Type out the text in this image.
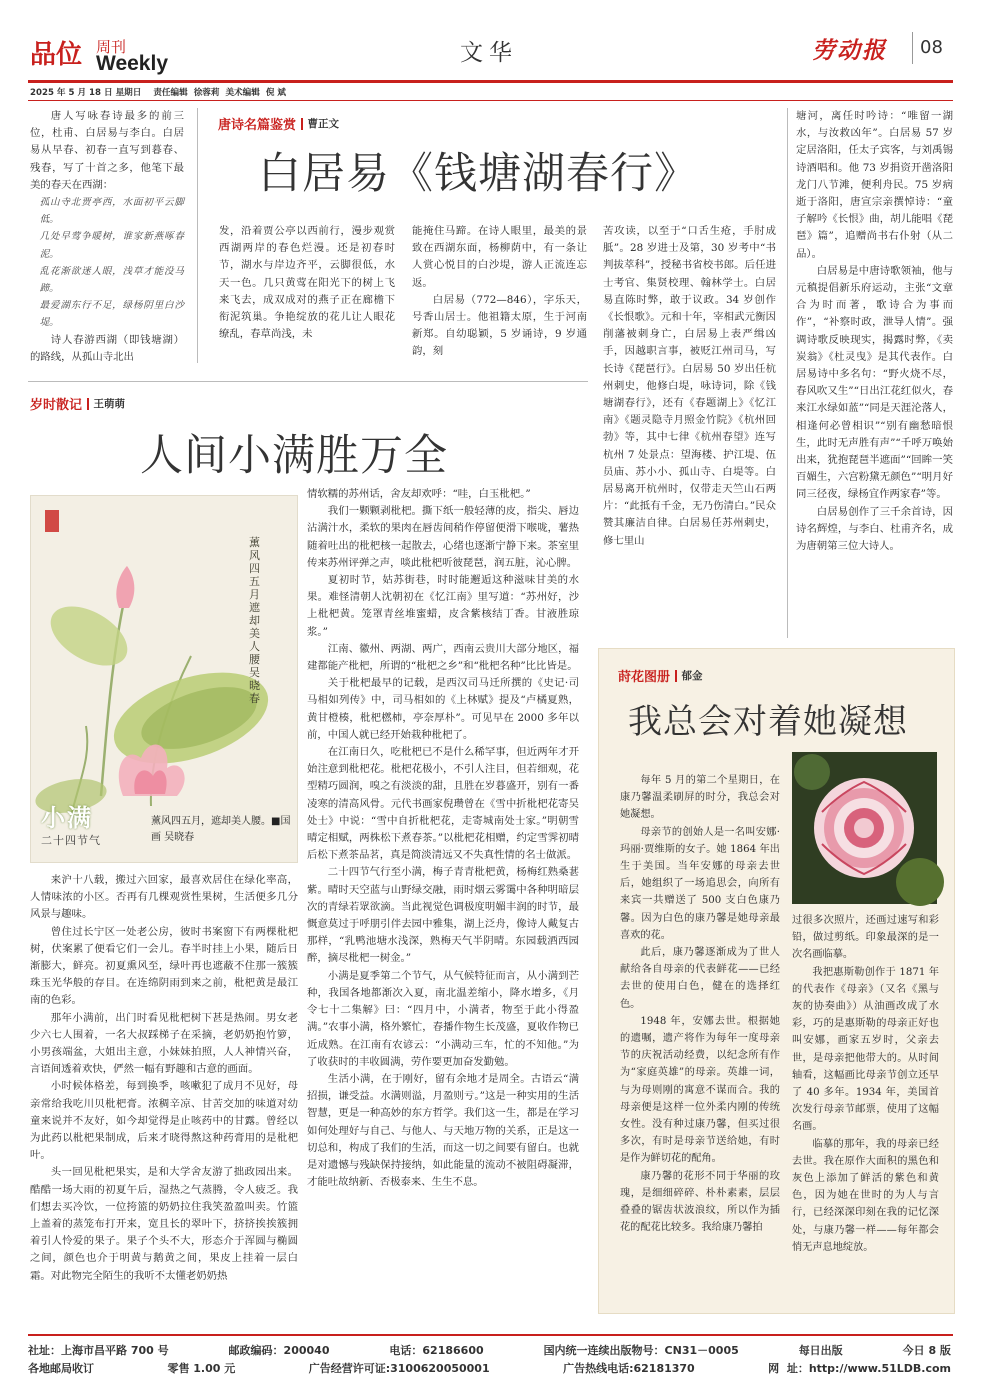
品位 周刊
Weekly	文华	劳动报 08
2025 年 5 月 18 日 星期日    责任编辑  徐蓉莉  美术编辑  倪 斌

唐人写咏春诗最多的前三位，杜甫、白居易与李白。白居易从早春、初春一直写到暮春、残春，写了十首之多，他笔下最美的春天在西湖：

孤山寺北贾亭西，水面初平云脚低。
几处早莺争暖树，谁家新燕啄春泥。
乱花渐欲迷人眼，浅草才能没马蹄。
最爱湖东行不足，绿杨阴里白沙堤。

诗人春游西湖（即钱塘湖）的路线，从孤山寺北出

唐诗名篇鉴赏 曹正文
白居易《钱塘湖春行》

发，沿着贾公亭以西前行，漫步观赏西湖两岸的春色烂漫。还是初春时节，湖水与岸边齐平，云脚很低，水天一色。几只黄莺在阳光下的树上飞来飞去，成双成对的燕子正在廊檐下衔泥筑巢。争艳绽放的花儿让人眼花缭乱，春草尚浅，未

能掩住马蹄。在诗人眼里，最美的景致在西湖东面，杨柳荫中，有一条让人赏心悦目的白沙堤，游人正流连忘返。

白居易（772—846），字乐天，号香山居士。他祖籍太原，生于河南新郑。自幼聪颖，5 岁诵诗，9 岁通韵，刻

苦攻读，以至于“口舌生疮，手肘成胝”。28 岁进士及第，30 岁考中“书判拔萃科”，授秘书省校书郎。后任进士考官、集贤校理、翰林学士。白居易直陈时弊，敢于议政。34 岁创作《长恨歌》。元和十年，宰相武元衡因削藩被刺身亡，白居易上表严缉凶手，因越职言事，被贬江州司马，写长诗《琵琶行》。白居易 50 岁出任杭州刺史，他修白堤，咏诗词，除《钱塘湖春行》，还有《春题湖上》《忆江南》《题灵隐寺月照金竹院》《杭州回勃》等，其中七律《杭州春望》连写杭州 7 处景点：望海楼、护江堤、伍员庙、苏小小、孤山寺、白堤等。白居易离开杭州时，仅带走天竺山石两片：“此抵有千金，无乃伤清白。”民众赞其廉洁自律。白居易任苏州刺史，修七里山

塘河，离任时吟诗：“唯留一湖水，与汝救凶年”。白居易 57 岁定居洛阳，任太子宾客，与刘禹锡诗酒唱和。他 73 岁捐资开凿洛阳龙门八节滩，便利舟民。75 岁病逝于洛阳，唐宣宗亲撰悼诗：“童子解吟《长恨》曲，胡儿能唱《琵琶》篇”，追赠尚书右仆射（从二品）。

白居易是中唐诗歌领袖，他与元稹提倡新乐府运动，主张“文章合为时而著，歌诗合为事而作”，“补察时政，泄导人情”。强调诗歌反映现实，揭露时弊，《卖炭翁》《杜灵曳》是其代表作。白居易诗中多名句：“野火烧不尽，春风吹又生”“日出江花红似火，春来江水绿如蓝”“同是天涯沦落人，相逢何必曾相识”“别有幽愁暗恨生，此时无声胜有声”“千呼万唤始出来，犹抱琵琶半遮面”“回眸一笑百媚生，六宫粉黛无颜色”“明月好同三径夜，绿杨宜作两家春”等。

白居易创作了三千余首诗，因诗名辉煌，与李白、杜甫齐名，成为唐朝第三位大诗人。

岁时散记 王萌萌
人间小满胜万全
薰风四五月遮却美人腰吴晓春
小满
二十四节气
薰风四五月，遮却美人腰。■国画 吴晓春

来沪十八载，搬过六回家，最喜欢居住在绿化率高，人情味浓的小区。否再有几棵观赏性果树，生活便多几分风景与趣味。

曾住过长宁区一处老公房，彼时书案窗下有两棵枇杷树，伏案累了便看它们一会儿。春半时挂上小果，随后日渐膨大，鲜亮。初夏熏风至，绿叶再也遮蔽不住那一簇簇珠玉光华般的存目。在连绵阴雨到来之前，枇杷黄是最江南的色彩。

那年小满前，出门时看见枇杷树下甚是热闹。男女老少六七人围着，一名大叔踩梯子在采摘，老奶奶抱竹箩，小男孩端盆，大姐出主意，小妹妹拍照，人人神情兴奋，言语间透着欢快，俨然一幅有野趣和古意的画面。

小时候体格差，每到换季，咳嗽犯了成月不见好，母亲常给我吃川贝枇杷膏。浓稠辛凉、甘苦交加的味道对幼童来说并不友好，如今却觉得是止咳药中的甘露。曾经以为此药以枇杷果制成，后来才晓得熬这种药膏用的是枇杷叶。

头一回见枇杷果实，是和大学舍友游了拙政园出来。酷酷一场大雨的初夏午后，湿热之气蒸腾，令人疲乏。我们想去买冷饮，一位挎篮的奶奶拉住我笑盈盈叫卖。竹篮上盖着的蒸笼布打开来，宽且长的翠叶下，挤挤挨挨簇拥着引人怜爱的果子。果子个头不大，形态介于浑圆与椭圆之间，颜色也介于明黄与鹅黄之间，果皮上挂着一层白霜。对此物完全陌生的我听不太懂老奶奶热

情软糯的苏州话，舍友却欢呼：“哇，白玉枇杷。”

我们一颗颗剥枇杷。撕下纸一般轻薄的皮，指尖、唇边沾满汁水，柔软的果肉在唇齿间稍作停留便滑下喉咙，薯热随着吐出的枇杷核一起散去，心绪也逐渐宁静下来。茶室里传来苏州评弹之声，啖此枇杷听彼琵琶，润五脏，沁心脾。

夏初时节，姑苏街巷，时时能邂逅这种滋味甘美的水果。难怪清朝人沈朝初在《忆江南》里写道：“苏州好，沙上枇杷黄。笼罩青丝堆蜜蜡，皮含紫核结丁香。甘液胜琼浆。”

江南、徽州、两湖、两广，西南云贵川大部分地区，福建都能产枇杷，所谓的“枇杷之乡”和“枇杷名种”比比皆是。

关于枇杷最早的记载，是西汉司马迁所撰的《史记·司马相如列传》中，司马相如的《上林赋》提及“卢橘夏熟，黄甘橙楱，枇杷橪柿，亭奈厚朴”。可见早在 2000 多年以前，中国人就已经开始栽种枇杷了。

在江南日久，吃枇杷已不是什么稀罕事，但近两年才开始注意到枇杷花。枇杷花极小，不引人注目，但若细观，花型精巧圆润，嗅之有淡淡的甜，且胜在岁暮盛开，别有一番凌寒的清高风骨。元代书画家倪瓒曾在《雪中折枇杷花寄吴处士》中说：“雪中自折枇杷花，走寄城南处士家。”明朝雪晴定相赋，两株松下煮春茶。”以枇杷花相赠，约定雪霁初晴后松下煮茶品茗，真是简淡清远又不失真性情的名士做派。

二十四节气行至小满，梅子青青枇杷黄，杨梅红熟桑葚紫。晴时天空蓝与山野绿交融，雨时烟云雾霭中各种明暗层次的青绿若眾欲滴。当此视觉色调极度明媚丰润的时节，最慨意莫过于呼朋引伴去园中雅集，湖上泛舟，像诗人戴复古那样，“乳鸭池塘水浅深，熟梅天气半阴晴。东园载酒西园醉，摘尽枇杷一树金。”

小满是夏季第二个节气，从气候特征而言，从小满到芒种，我国各地都渐次入夏，南北温差缩小，降水增多，《月令七十二集解》曰：“四月中，小满者，物至于此小得盈满。”农事小满，格外繁忙，春播作物生长茂盛，夏收作物已近成熟。在江南有农谚云：“小满动三车，忙的不知他。”为了收获时的丰收圆满，劳作要更加奋发勤勉。

生活小满，在于刚好，留有余地才是周全。古语云“满招损，谦受益。水满则溢，月盈则亏。”这是一种实用的生活智慧，更是一种高妙的东方哲学。我们这一生，都是在学习如何处理好与自己、与他人、与天地万物的关系，正是这一切总和，构成了我们的生活，而这一切之间要有留白。也就是对遗憾与残缺保持接纳，如此能量的流动不被阻碍凝滞，才能吐故纳新、否极泰来、生生不息。

莳花图册 郁金
我总会对着她凝想

每年 5 月的第二个星期日，在康乃馨温柔刷屏的时分，我总会对她凝想。

母亲节的创始人是一名叫安娜·玛丽·贾维斯的女子。她 1864 年出生于美国。当年安娜的母亲去世后，她组织了一场追思会，向所有来宾一共赠送了 500 支白色康乃馨。因为白色的康乃馨是她母亲最喜欢的花。

此后，康乃馨逐渐成为了世人献给各自母亲的代表鲜花——已经去世的使用白色，健在的选择红色。

1948 年，安娜去世。根据她的遗嘱，遗产将作为每年一度母亲节的庆祝活动经费，以纪念所有作为“家庭英雄”的母亲。英雄一词，与为母则刚的寓意不谋而合。我的母亲便是这样一位外柔内刚的传统女性。没有种过康乃馨，但买过很多次，有时是母亲节送给她，有时是作为鲜切花的配角。

康乃馨的花形不同于华丽的玫瑰，是细细碎碎、朴朴素素，层层叠叠的锯齿状波浪纹，所以作为插花的配花比较多。我给康乃馨拍

过很多次照片，还画过速写和彩铅，做过剪纸。印象最深的是一次名画临摹。

我把惠斯勒创作于 1871 年的代表作《母亲》（又名《黑与灰的协奏曲》）从油画改成了水彩，巧的是惠斯勒的母亲正好也叫安娜，画家五岁时，父亲去世，是母亲把他带大的。从时间轴看，这幅画比母亲节创立还早了 40 多年。1934 年，美国首次发行母亲节邮票，使用了这幅名画。

临摹的那年，我的母亲已经去世。我在原作大面积的黑色和灰色上添加了鲜活的紫色和黄色，因为她在世时的为人与言行，已经深深印刻在我的记忆深处，与康乃馨一样——每年都会悄无声息地绽放。

社址：上海市昌平路 700 号	邮政编码：200040	电话：62186600	国内统一连续出版物号：CN31－0005	每日出版	今日 8 版
各地邮局收订	零售 1.00 元	广告经营许可证:3100620050001	广告热线电话:62181370	网  址：http://www.51LDB.com
